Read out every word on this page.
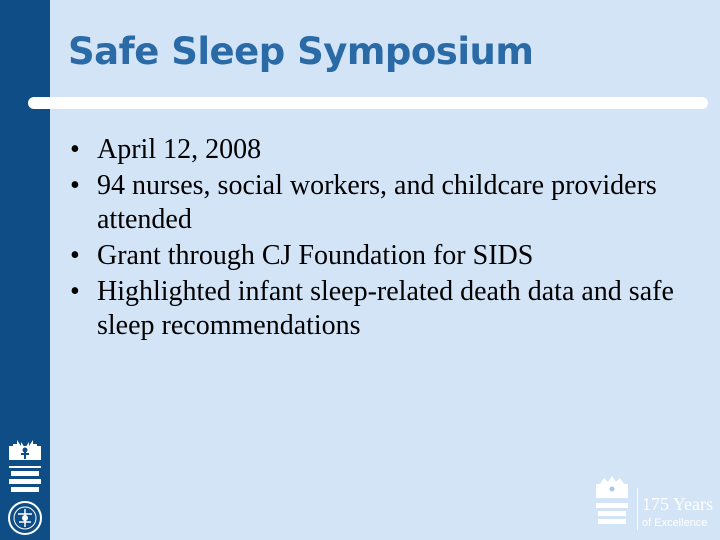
Safe Sleep Symposium
• April 12, 2008
• 94 nurses, social workers, and childcare providers attended
• Grant through CJ Foundation for SIDS
• Highlighted infant sleep-related death data and safe sleep recommendations
175 Years
of Excellence
